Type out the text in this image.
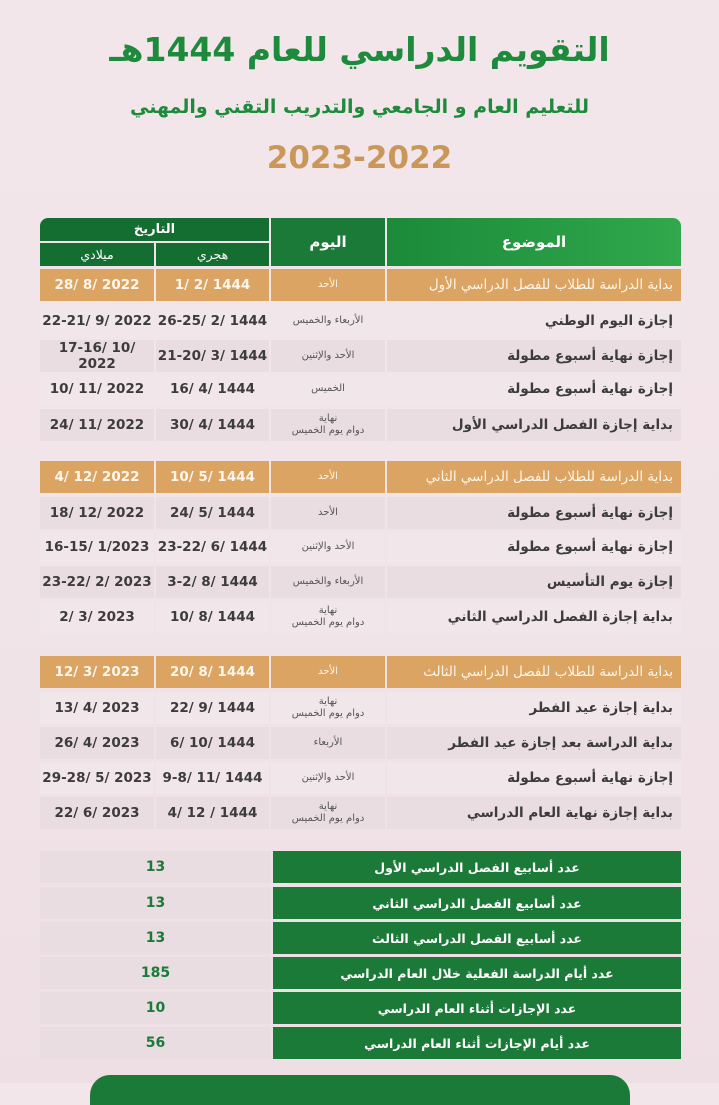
التقويم الدراسي للعام 1444هـ
للتعليم العام و الجامعي والتدريب التقني والمهني
2023-2022
الموضوع
اليوم
التاريخ
هجري
ميلادي
بداية الدراسة للطلاب للفصل الدراسي الأول
الأحد
1/ 2/ 1444
28/ 8/ 2022
إجازة اليوم الوطني
الأربعاء والخميس
26-25/ 2/ 1444
22-21/ 9/ 2022
إجازة نهاية أسبوع مطولة
الأحد والإثنين
21-20/ 3/ 1444
17-16/ 10/ 2022
إجازة نهاية أسبوع مطولة
الخميس
16/ 4/ 1444
10/ 11/ 2022
بداية إجازة الفصل الدراسي الأول
نهاية
دوام يوم الخميس
30/ 4/ 1444
24/ 11/ 2022
بداية الدراسة للطلاب للفصل الدراسي الثاني
الأحد
10/ 5/ 1444
4/ 12/ 2022
إجازة نهاية أسبوع مطولة
الأحد
24/ 5/ 1444
18/ 12/ 2022
إجازة نهاية أسبوع مطولة
الأحد والإثنين
23-22/ 6/ 1444
16-15/ 1/2023
إجازة يوم التأسيس
الأربعاء والخميس
3-2/ 8/ 1444
23-22/ 2/ 2023
بداية إجازة الفصل الدراسي الثاني
نهاية
دوام يوم الخميس
10/ 8/ 1444
2/ 3/ 2023
بداية الدراسة للطلاب للفصل الدراسي الثالث
الأحد
20/ 8/ 1444
12/ 3/ 2023
بداية إجازة عيد الفطر
نهاية
دوام يوم الخميس
22/ 9/ 1444
13/ 4/ 2023
بداية الدراسة بعد إجازة عيد الفطر
الأربعاء
6/ 10/ 1444
26/ 4/ 2023
إجازة نهاية أسبوع مطولة
الأحد والإثنين
9-8/ 11/ 1444
29-28/ 5/ 2023
بداية إجازة نهاية العام الدراسي
نهاية
دوام يوم الخميس
4/ 12 / 1444
22/ 6/ 2023
عدد أسابيع الفصل الدراسي الأول
13
عدد أسابيع الفصل الدراسي الثاني
13
عدد أسابيع الفصل الدراسي الثالث
13
عدد أيام الدراسة الفعلية خلال العام الدراسي
185
عدد الإجازات أثناء العام الدراسي
10
عدد أيام الإجازات أثناء العام الدراسي
56
